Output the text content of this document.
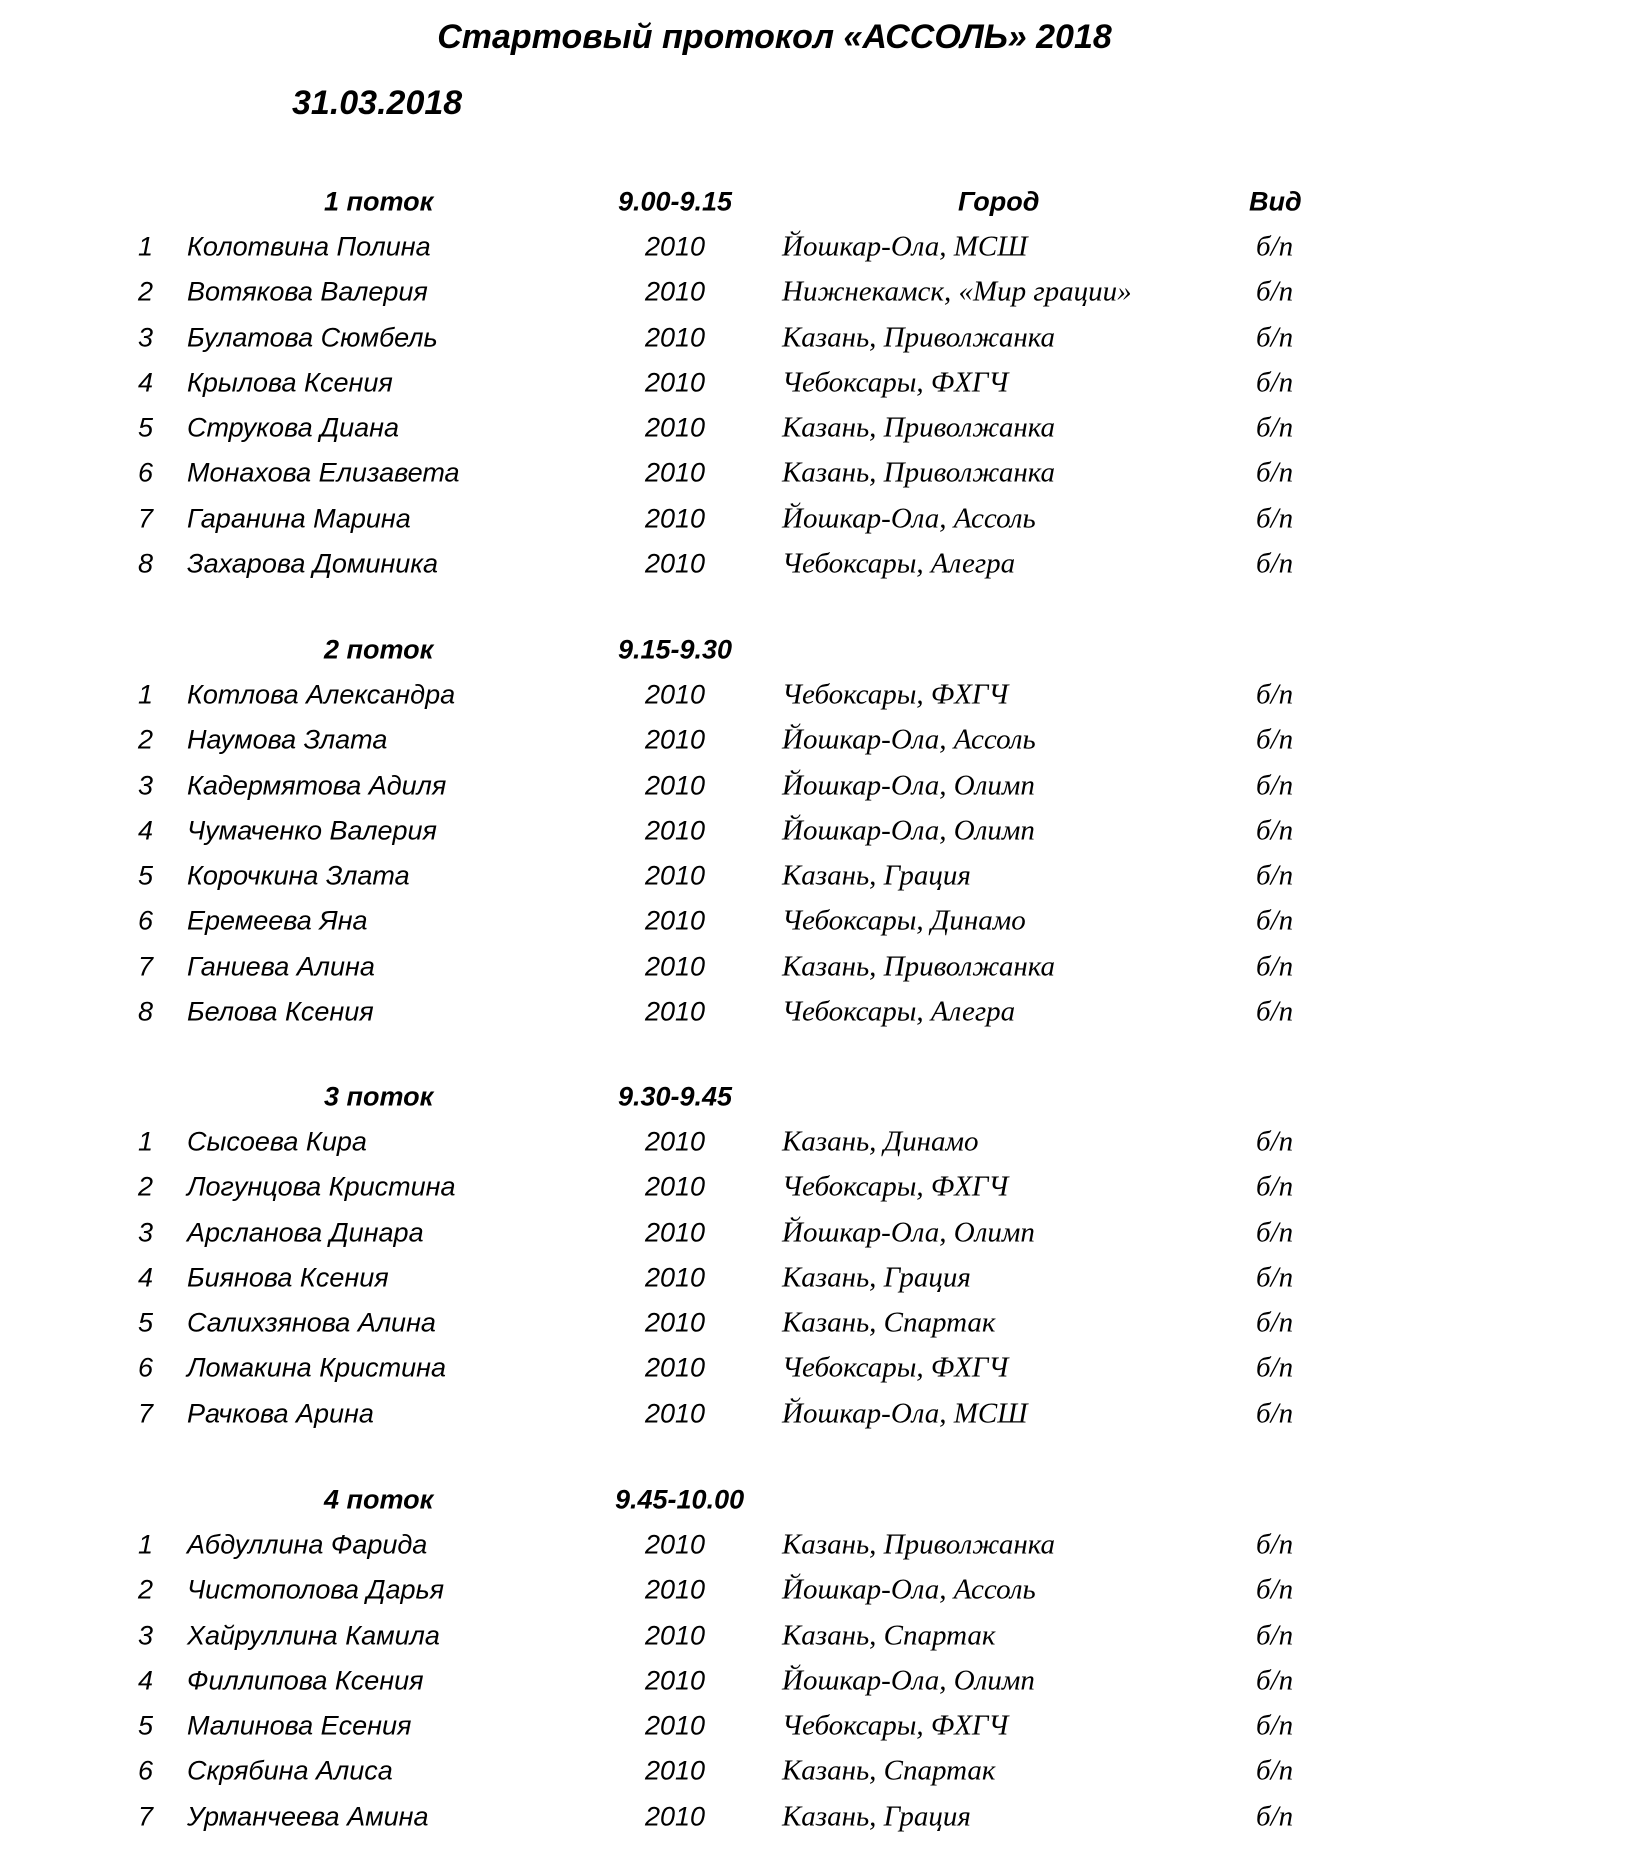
Стартовый протокол «АССОЛЬ» 2018
31.03.2018
1 поток	9.00-9.15	Город	Вид
1 Колотвина Полина	2010	Йошкар-Ола, МСШ	б/п
2 Вотякова Валерия	2010	Нижнекамск, «Мир грации»	б/п
3 Булатова Сюмбель	2010	Казань, Приволжанка	б/п
4 Крылова Ксения	2010	Чебоксары, ФХГЧ	б/п
5 Струкова Диана	2010	Казань, Приволжанка	б/п
6 Монахова Елизавета	2010	Казань, Приволжанка	б/п
7 Гаранина Марина	2010	Йошкар-Ола, Ассоль	б/п
8 Захарова Доминика	2010	Чебоксары, Алегра	б/п
2 поток	9.15-9.30
1 Котлова Александра	2010	Чебоксары, ФХГЧ	б/п
2 Наумова Злата	2010	Йошкар-Ола, Ассоль	б/п
3 Кадермятова Адиля	2010	Йошкар-Ола, Олимп	б/п
4 Чумаченко Валерия	2010	Йошкар-Ола, Олимп	б/п
5 Корочкина Злата	2010	Казань, Грация	б/п
6 Еремеева Яна	2010	Чебоксары, Динамо	б/п
7 Ганиева Алина	2010	Казань, Приволжанка	б/п
8 Белова Ксения	2010	Чебоксары, Алегра	б/п
3 поток	9.30-9.45
1 Сысоева Кира	2010	Казань, Динамо	б/п
2 Логунцова Кристина	2010	Чебоксары, ФХГЧ	б/п
3 Арсланова Динара	2010	Йошкар-Ола, Олимп	б/п
4 Биянова Ксения	2010	Казань, Грация	б/п
5 Салихзянова Алина	2010	Казань, Спартак	б/п
6 Ломакина Кристина	2010	Чебоксары, ФХГЧ	б/п
7 Рачкова Арина	2010	Йошкар-Ола, МСШ	б/п
4 поток	9.45-10.00
1 Абдуллина Фарида	2010	Казань, Приволжанка	б/п
2 Чистополова Дарья	2010	Йошкар-Ола, Ассоль	б/п
3 Хайруллина Камила	2010	Казань, Спартак	б/п
4 Филлипова Ксения	2010	Йошкар-Ола, Олимп	б/п
5 Малинова Есения	2010	Чебоксары, ФХГЧ	б/п
6 Скрябина Алиса	2010	Казань, Спартак	б/п
7 Урманчеева Амина	2010	Казань, Грация	б/п
